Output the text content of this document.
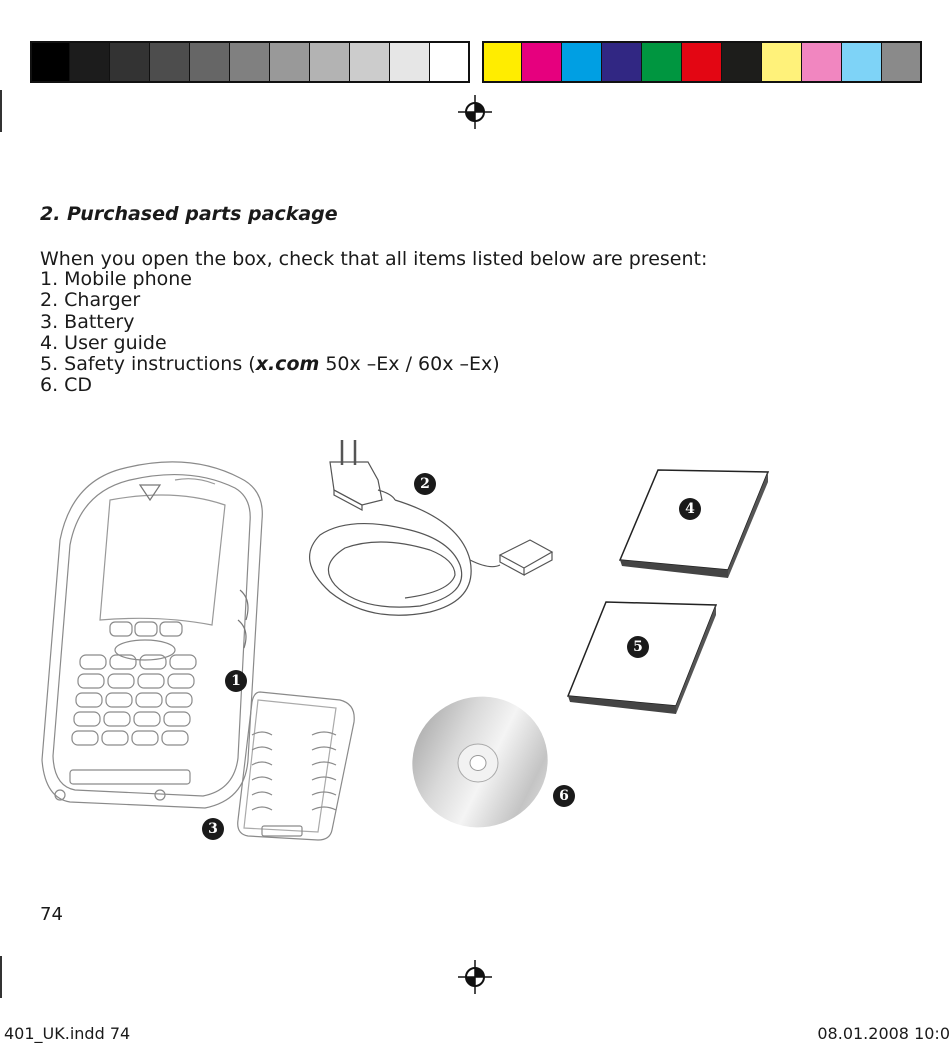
2. Purchased parts package

When you open the box, check that all items listed below are present:

1. Mobile phone
2. Charger
3. Battery
4. User guide
5. Safety instructions (x.com 50x –Ex / 60x –Ex)
6. CD
1
2
3
4
5
6
74
401_UK.indd 74	08.01.2008 10:0
